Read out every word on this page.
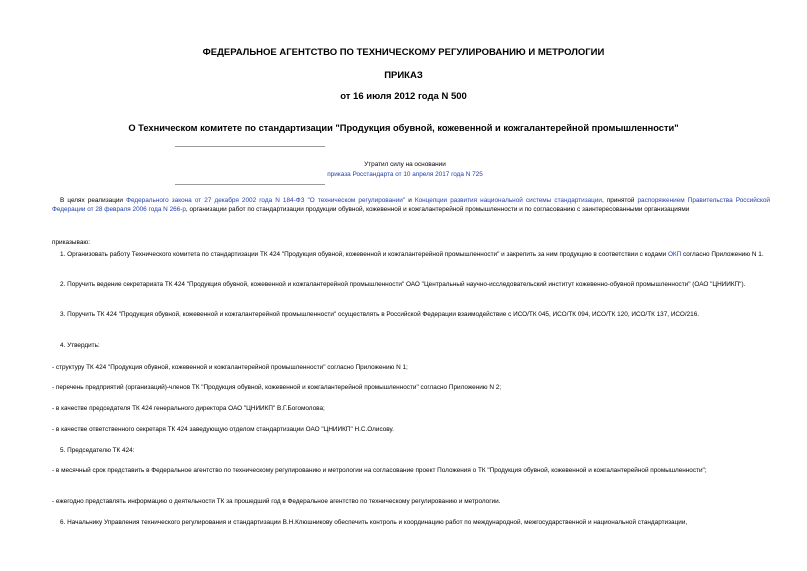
ФЕДЕРАЛЬНОЕ АГЕНТСТВО ПО ТЕХНИЧЕСКОМУ РЕГУЛИРОВАНИЮ И МЕТРОЛОГИИ
ПРИКАЗ
от 16 июля 2012 года N 500
О Техническом комитете по стандартизации "Продукция обувной, кожевенной и кожгалантерейной промышленности"
Утратил силу на основании
приказа Росстандарта от 10 апреля 2017 года N 725
В целях реализации Федерального закона от 27 декабря 2002 года N 184-ФЗ "О техническом регулировании" и Концепции развития национальной системы стандартизации, принятой распоряжением Правительства Российской Федерации от 28 февраля 2006 года N 266-р, организации работ по стандартизации продукции обувной, кожевенной и кожгалантерейной промышленности и по согласованию с заинтересованными организациями
приказываю:
1. Организовать работу Технического комитета по стандартизации ТК 424 "Продукция обувной, кожевенной и кожгалантерейной промышленности" и закрепить за ним продукцию в соответствии с кодами ОКП согласно Приложению N 1.
2. Поручить ведение секретариата ТК 424 "Продукция обувной, кожевенной и кожгалантерейной промышленности" ОАО "Центральный научно-исследовательский институт кожевенно-обувной промышленности" (ОАО "ЦНИИКП").
3. Поручить ТК 424 "Продукция обувной, кожевенной и кожгалантерейной промышленности" осуществлять в Российской Федерации взаимодействие с ИСО/ТК 045, ИСО/ТК 094, ИСО/ТК 120, ИСО/ТК 137, ИСО/216.
4. Утвердить:
- структуру ТК 424 "Продукция обувной, кожевенной и кожгалантерейной промышленности" согласно Приложению N 1;
- перечень предприятий (организаций)-членов ТК "Продукция обувной, кожевенной и кожгалантерейной промышленности" согласно Приложению N 2;
- в качестве председателя ТК 424 генерального директора ОАО "ЦНИИКП" В.Г.Богомолова;
- в качестве ответственного секретаря ТК 424 заведующую отделом стандартизации ОАО "ЦНИИКП" Н.С.Олисову.
5. Председателю ТК 424:
- в месячный срок представить в Федеральное агентство по техническому регулированию и метрологии на согласование проект Положения о ТК "Продукция обувной, кожевенной и кожгалантерейной промышленности";
- ежегодно представлять информацию о деятельности ТК за прошедший год в Федеральное агентство по техническому регулированию и метрологии.
6. Начальнику Управления технического регулирования и стандартизации В.Н.Клюшникову обеспечить контроль и координацию работ по международной, межгосударственной и национальной стандартизации,
